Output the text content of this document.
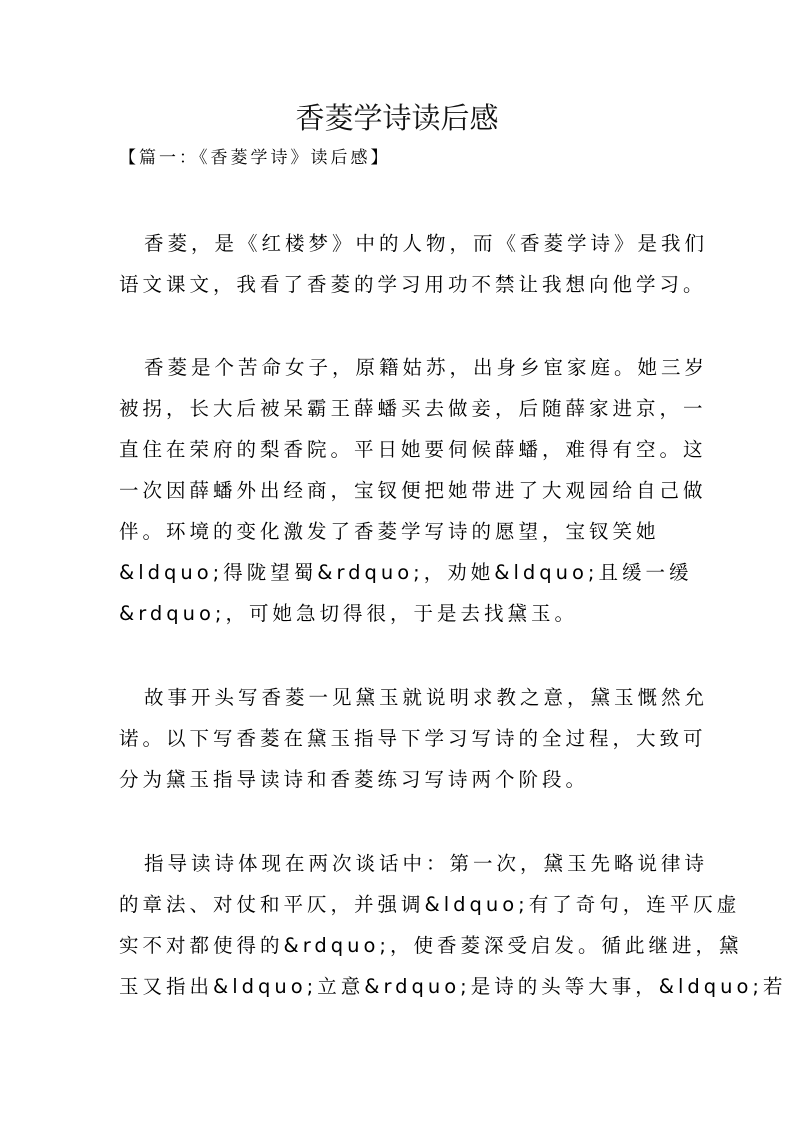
香菱学诗读后感
【篇一：《香菱学诗》读后感】
香菱，是《红楼梦》中的人物，而《香菱学诗》是我们
语文课文，我看了香菱的学习用功不禁让我想向他学习。
香菱是个苦命女子，原籍姑苏，出身乡宦家庭。她三岁
被拐，长大后被呆霸王薛蟠买去做妾，后随薛家进京，一
直住在荣府的梨香院。平日她要伺候薛蟠，难得有空。这
一次因薛蟠外出经商，宝钗便把她带进了大观园给自己做
伴。环境的变化激发了香菱学写诗的愿望，宝钗笑她
&ldquo;得陇望蜀&rdquo;，劝她&ldquo;且缓一缓
&rdquo;，可她急切得很，于是去找黛玉。
故事开头写香菱一见黛玉就说明求教之意，黛玉慨然允
诺。以下写香菱在黛玉指导下学习写诗的全过程，大致可
分为黛玉指导读诗和香菱练习写诗两个阶段。
指导读诗体现在两次谈话中：第一次，黛玉先略说律诗
的章法、对仗和平仄，并强调&ldquo;有了奇句，连平仄虚
实不对都使得的&rdquo;，使香菱深受启发。循此继进，黛
玉又指出&ldquo;立意&rdquo;是诗的头等大事，&ldquo;若
